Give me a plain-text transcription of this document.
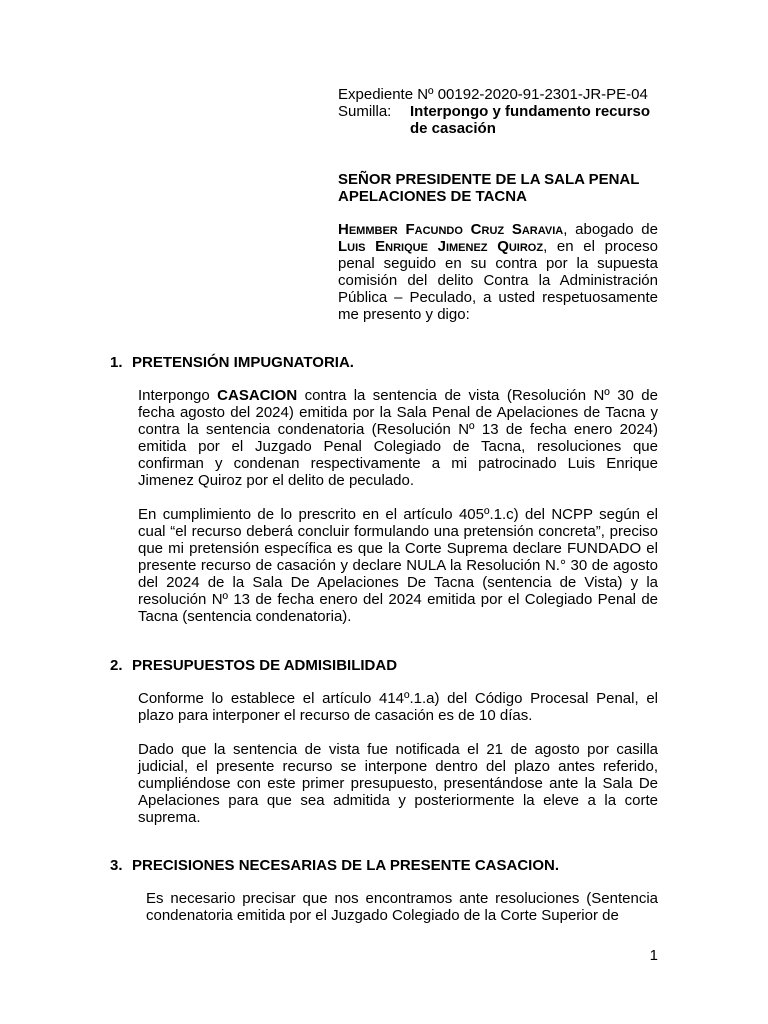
Expediente Nº 00192-2020-91-2301-JR-PE-04

Sumilla:	Interpongo y fundamento recurso

de casación

SEÑOR PRESIDENTE DE LA SALA PENAL

APELACIONES DE TACNA

Hemmber Facundo Cruz Saravia, abogado de Luis Enrique Jimenez Quiroz, en el proceso penal seguido en su contra por la supuesta comisión del delito Contra la Administración Pública – Peculado, a usted respetuosamente me presento y digo:
1. PRETENSIÓN IMPUGNATORIA.

Interpongo CASACION contra la sentencia de vista (Resolución Nº 30 de fecha agosto del 2024) emitida por la Sala Penal de Apelaciones de Tacna y contra la sentencia condenatoria (Resolución Nº 13 de fecha enero 2024) emitida por el Juzgado Penal Colegiado de Tacna, resoluciones que confirman y condenan respectivamente a mi patrocinado Luis Enrique Jimenez Quiroz por el delito de peculado.

En cumplimiento de lo prescrito en el artículo 405º.1.c) del NCPP según el cual “el recurso deberá concluir formulando una pretensión concreta”, preciso que mi pretensión específica es que la Corte Suprema declare FUNDADO el presente recurso de casación y declare NULA la Resolución N.° 30 de agosto del 2024 de la Sala De Apelaciones De Tacna (sentencia de Vista) y la resolución Nº 13 de fecha enero del 2024 emitida por el Colegiado Penal de Tacna (sentencia condenatoria).

2. PRESUPUESTOS DE ADMISIBILIDAD

Conforme lo establece el artículo 414º.1.a) del Código Procesal Penal, el plazo para interponer el recurso de casación es de 10 días.

Dado que la sentencia de vista fue notificada el 21 de agosto por casilla judicial, el presente recurso se interpone dentro del plazo antes referido, cumpliéndose con este primer presupuesto, presentándose ante la Sala De Apelaciones para que sea admitida y posteriormente la eleve a la corte suprema.

3. PRECISIONES NECESARIAS DE LA PRESENTE CASACION.

Es necesario precisar que nos encontramos ante resoluciones (Sentencia condenatoria emitida por el Juzgado Colegiado de la Corte Superior de

1
